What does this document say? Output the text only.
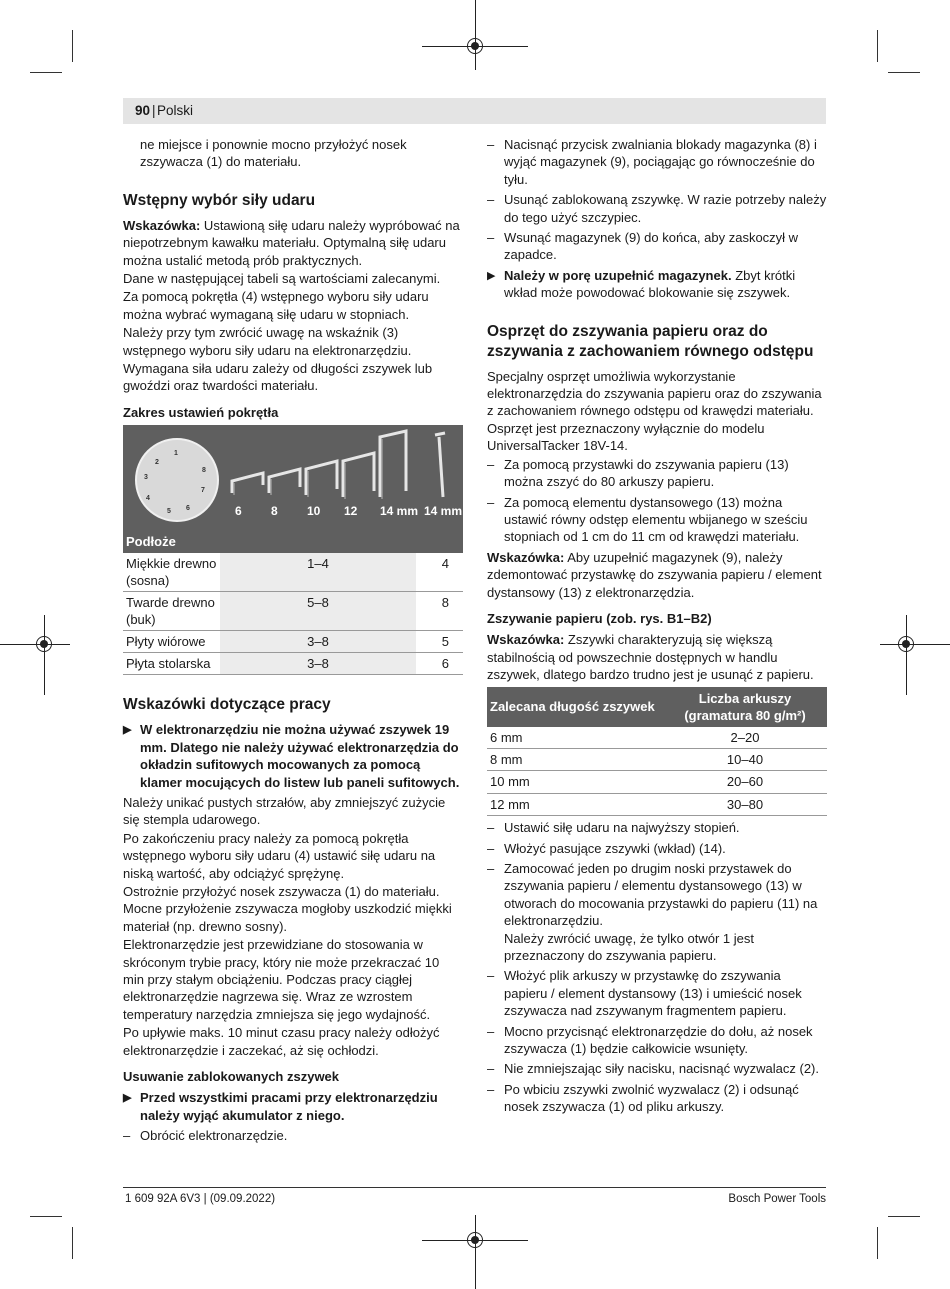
90 | Polski

ne miejsce i ponownie mocno przyłożyć nosek zszywacza (1) do materiału.

Wstępny wybór siły udaru

Wskazówka: Ustawioną siłę udaru należy wypróbować na niepotrzebnym kawałku materiału. Optymalną siłę udaru można ustalić metodą prób praktycznych.

Dane w następującej tabeli są wartościami zalecanymi.

Za pomocą pokrętła (4) wstępnego wyboru siły udaru można wybrać wymaganą siłę udaru w stopniach.

Należy przy tym zwrócić uwagę na wskaźnik (3) wstępnego wyboru siły udaru na elektronarzędziu.

Wymagana siła udaru zależy od długości zszywek lub gwoździ oraz twardości materiału.

Zakres ustawień pokrętła
1
2
3
4
5 6
7
8
6 8 10 12 14 mm 14 mm
Podłoże		
Miękkie drewno (sosna)	1–4	4
Twarde drewno (buk)	5–8	8
Płyty wiórowe	3–8	5
Płyta stolarska	3–8	6
Wskazówki dotyczące pracy

▶ W elektronarzędziu nie można używać zszywek 19 mm. Dlatego nie należy używać elektronarzędzia do okładzin sufitowych mocowanych za pomocą klamer mocujących do listew lub paneli sufitowych.

Należy unikać pustych strzałów, aby zmniejszyć zużycie się stempla udarowego.

Po zakończeniu pracy należy za pomocą pokrętła wstępnego wyboru siły udaru (4) ustawić siłę udaru na niską wartość, aby odciążyć sprężynę.

Ostrożnie przyłożyć nosek zszywacza (1) do materiału. Mocne przyłożenie zszywacza mogłoby uszkodzić miękki materiał (np. drewno sosny).

Elektronarzędzie jest przewidziane do stosowania w skróconym trybie pracy, który nie może przekraczać 10 min przy stałym obciążeniu. Podczas pracy ciągłej elektronarzędzie nagrzewa się. Wraz ze wzrostem temperatury narzędzia zmniejsza się jego wydajność.

Po upływie maks. 10 minut czasu pracy należy odłożyć elektronarzędzie i zaczekać, aż się ochłodzi.

Usuwanie zablokowanych zszywek

▶ Przed wszystkimi pracami przy elektronarzędziu należy wyjąć akumulator z niego.

– Obrócić elektronarzędzie.

– Nacisnąć przycisk zwalniania blokady magazynka (8) i wyjąć magazynek (9), pociągając go równocześnie do tyłu.

– Usunąć zablokowaną zszywkę. W razie potrzeby należy do tego użyć szczypiec.

– Wsunąć magazynek (9) do końca, aby zaskoczył w zapadce.

▶ Należy w porę uzupełnić magazynek. Zbyt krótki wkład może powodować blokowanie się zszywek.

Osprzęt do zszywania papieru oraz do zszywania z zachowaniem równego odstępu

Specjalny osprzęt umożliwia wykorzystanie elektronarzędzia do zszywania papieru oraz do zszywania z zachowaniem równego odstępu od krawędzi materiału. Osprzęt jest przeznaczony wyłącznie do modelu UniversalTacker 18V-14.

– Za pomocą przystawki do zszywania papieru (13) można zszyć do 80 arkuszy papieru.

– Za pomocą elementu dystansowego (13) można ustawić równy odstęp elementu wbijanego w sześciu stopniach od 1 cm do 11 cm od krawędzi materiału.

Wskazówka: Aby uzupełnić magazynek (9), należy zdemontować przystawkę do zszywania papieru / element dystansowy (13) z elektronarzędzia.

Zszywanie papieru (zob. rys. B1–B2)

Wskazówka: Zszywki charakteryzują się większą stabilnością od powszechnie dostępnych w handlu zszywek, dlatego bardzo trudno jest je usunąć z papieru.

Zalecana długość zszywek	Liczba arkuszy (gramatura 80 g/m²)
6 mm	2–20
8 mm	10–40
10 mm	20–60
12 mm	30–80

– Ustawić siłę udaru na najwyższy stopień.

– Włożyć pasujące zszywki (wkład) (14).

– Zamocować jeden po drugim noski przystawek do zszywania papieru / elementu dystansowego (13) w otworach do mocowania przystawki do papieru (11) na elektronarzędziu.

Należy zwrócić uwagę, że tylko otwór 1 jest przeznaczony do zszywania papieru.

– Włożyć plik arkuszy w przystawkę do zszywania papieru / element dystansowy (13) i umieścić nosek zszywacza nad zszywanym fragmentem papieru.

– Mocno przycisnąć elektronarzędzie do dołu, aż nosek zszywacza (1) będzie całkowicie wsunięty.

– Nie zmniejszając siły nacisku, nacisnąć wyzwalacz (2).

– Po wbiciu zszywki zwolnić wyzwalacz (2) i odsunąć nosek zszywacza (1) od pliku arkuszy.

1 609 92A 6V3 | (09.09.2022)	Bosch Power Tools
